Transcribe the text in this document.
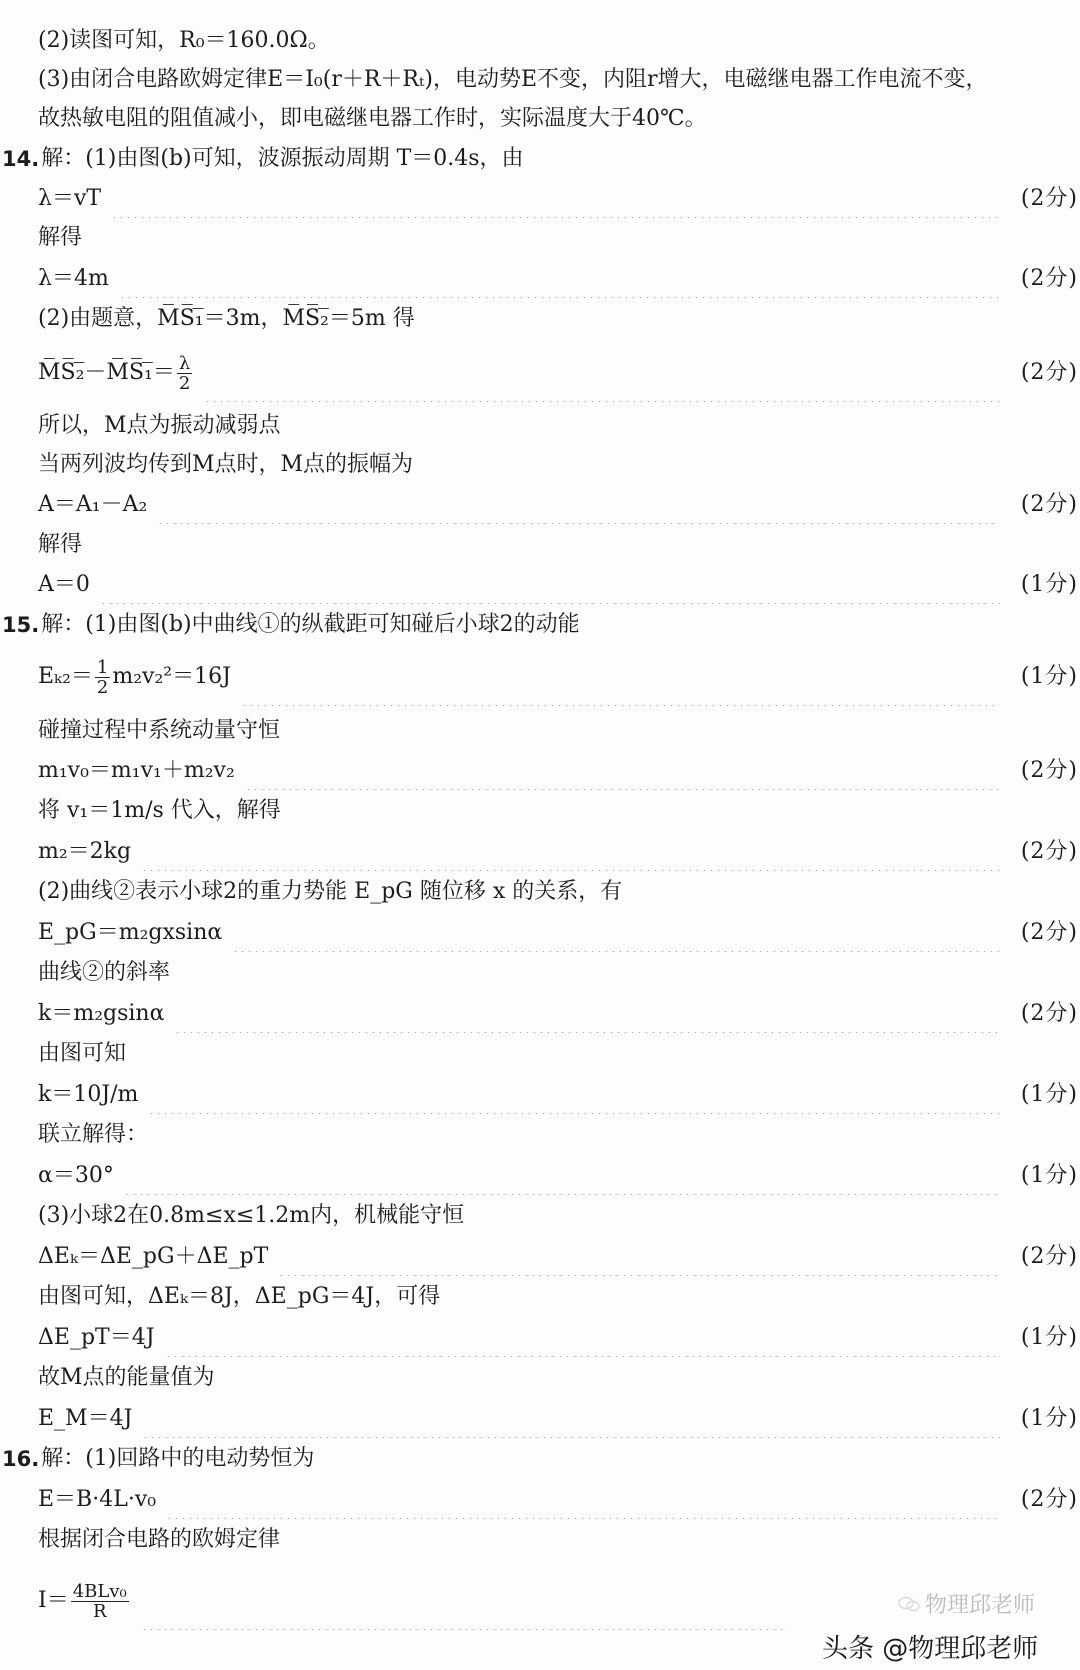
(2)读图可知，R₀＝160.0Ω。
(3)由闭合电路欧姆定律E＝I₀(r＋R＋Rₜ)，电动势E不变，内阻r增大，电磁继电器工作电流不变，
故热敏电阻的阻值减小，即电磁继电器工作时，实际温度大于40℃。
14. 解：(1)由图(b)可知，波源振动周期 T＝0.4s，由
λ＝vT	(2分)
解得
λ＝4m	(2分)
(2)由题意，M̅S̅₁̅＝3m，M̅S̅₂̅＝5m 得
M̅S̅₂̅－M̅S̅₁̅＝ $\frac{\lambda}{2}$	(2分)
所以，M点为振动减弱点
当两列波均传到M点时，M点的振幅为
A＝A₁－A₂	(2分)
解得
A＝0	(1分)
15. 解：(1)由图(b)中曲线①的纵截距可知碰后小球2的动能
$E_{k2}= \frac{1}{2} m_2v_2^2=16J$	(1分)
碰撞过程中系统动量守恒
m₁v₀＝m₁v₁＋m₂v₂	(2分)
将 v₁＝1m/s 代入，解得
m₂＝2kg	(2分)
(2)曲线②表示小球2的重力势能 E_pG 随位移 x 的关系，有
E_pG＝m₂gxsinα	(2分)
曲线②的斜率
k＝m₂gsinα	(2分)
由图可知
k＝10J/m	(1分)
联立解得：
α＝30°	(1分)
(3)小球2在0.8m≤x≤1.2m内，机械能守恒
ΔEₖ＝ΔE_pG＋ΔE_pT	(2分)
由图可知，ΔEₖ＝8J，ΔE_pG＝4J，可得
ΔE_pT＝4J	(1分)
故M点的能量值为
E_M＝4J	(1分)
16. 解：(1)回路中的电动势恒为
E＝B·4L·v₀	(2分)
根据闭合电路的欧姆定律
$I= \frac{\text{4BLv₀}}{R}$	物理邱老师
头条 @物理邱老师
